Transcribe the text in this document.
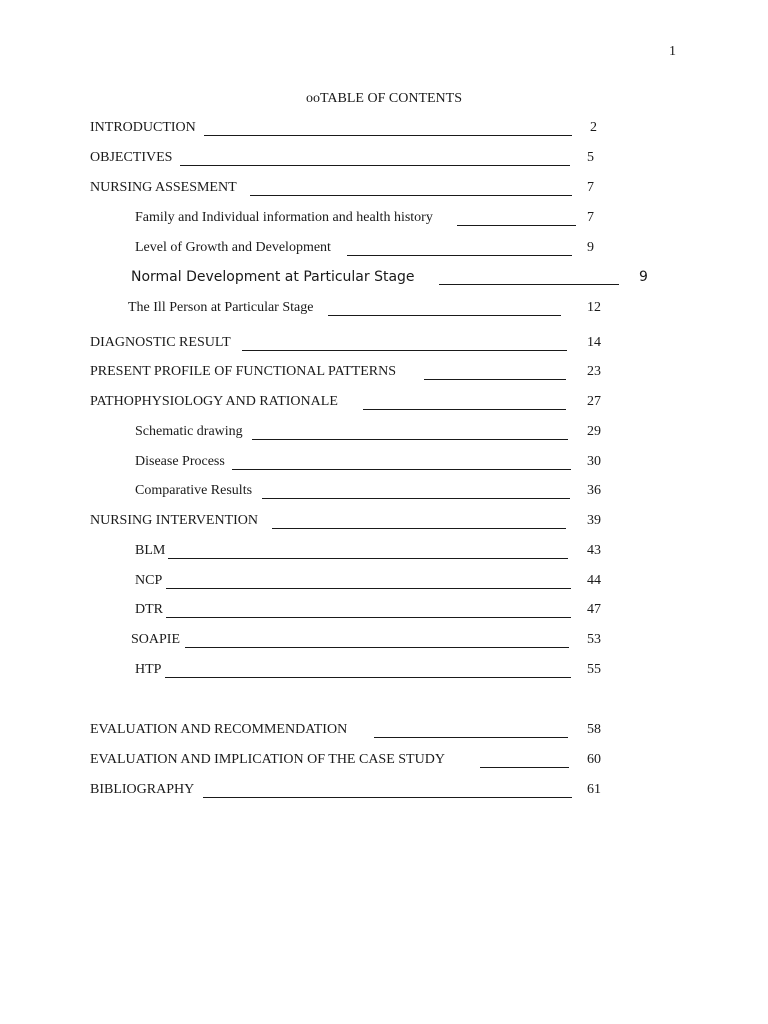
1
ooTABLE OF CONTENTS
INTRODUCTION	2
OBJECTIVES	5
NURSING ASSESMENT	7
Family and Individual information and health history	7
Level of Growth and Development	9
Normal Development at Particular Stage	9
The Ill Person at Particular Stage	12
DIAGNOSTIC RESULT	14
PRESENT PROFILE OF FUNCTIONAL PATTERNS	23
PATHOPHYSIOLOGY AND RATIONALE	27
Schematic drawing	29
Disease Process	30
Comparative Results	36
NURSING INTERVENTION	39
BLM	43
NCP	44
DTR	47
SOAPIE	53
HTP	55
EVALUATION AND RECOMMENDATION	58
EVALUATION AND IMPLICATION OF THE CASE STUDY	60
BIBLIOGRAPHY	61
